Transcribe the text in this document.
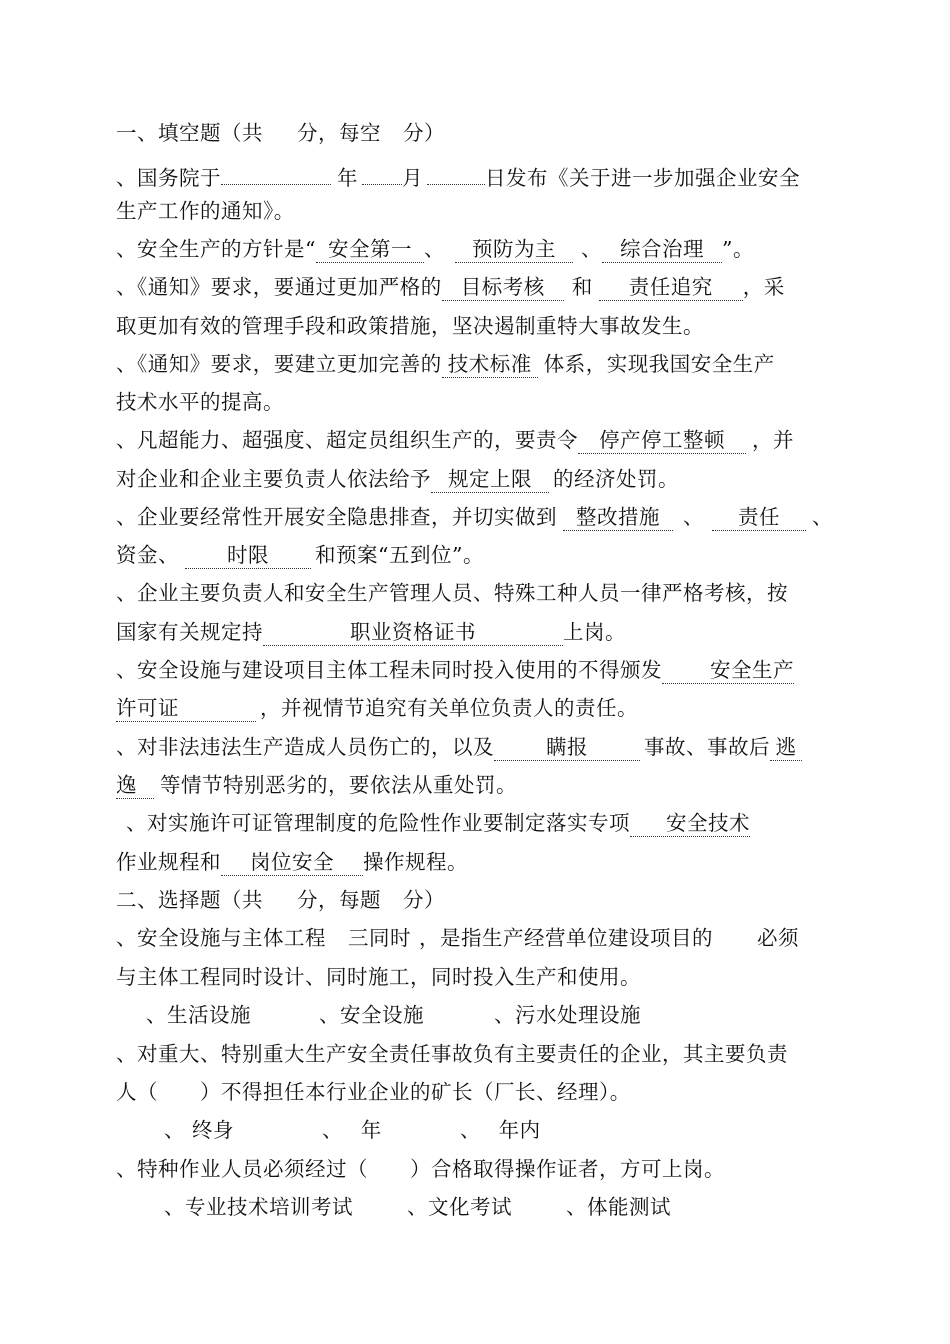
一、填空题（共 分，每空 分）
、国务院于	年 月	日发布《关于进一步加强企业安全
生产工作的通知》。
、安全生产的方针是“ 安全第一 、 预防为主 、 综合治理 ”。
、《通知》要求，要通过更加严格的 目标考核 和 责任追究 ，采
取更加有效的管理手段和政策措施，坚决遏制重特大事故发生。
、《通知》要求，要建立更加完善的 技术标准 体系，实现我国安全生产
技术水平的提高。
、凡超能力、超强度、超定员组织生产的，要责令 停产停工整顿 ，并
对企业和企业主要负责人依法给予 规定上限 的经济处罚。
、企业要经常性开展安全隐患排查，并切实做到 整改措施 、 责任 、
资金、 时限 和预案“五到位”。
、企业主要负责人和安全生产管理人员、特殊工种人员一律严格考核，按
国家有关规定持	职业资格证书	上岗。
、安全设施与建设项目主体工程未同时投入使用的不得颁发 安全生产
许可证	，并视情节追究有关单位负责人的责任。
、对非法违法生产造成人员伤亡的，以及	瞒报	事故、事故后 逃
逸 等情节特别恶劣的，要依法从重处罚。
、对实施许可证管理制度的危险性作业要制定落实专项 安全技术
作业规程和 岗位安全 操作规程。
二、选择题（共 分，每题 分）
、安全设施与主体工程 三同时 ，是指生产经营单位建设项目的 必须
与主体工程同时设计、同时施工，同时投入生产和使用。
、生活设施	、安全设施	、污水处理设施
、对重大、特别重大生产安全责任事故负有主要责任的企业，其主要负责
人（　　）不得担任本行业企业的矿长（厂长、经理）。
、 终身	、　 年	、　 年内
、特种作业人员必须经过（　　）合格取得操作证者，方可上岗。
、专业技术培训考试	、文化考试	、体能测试
